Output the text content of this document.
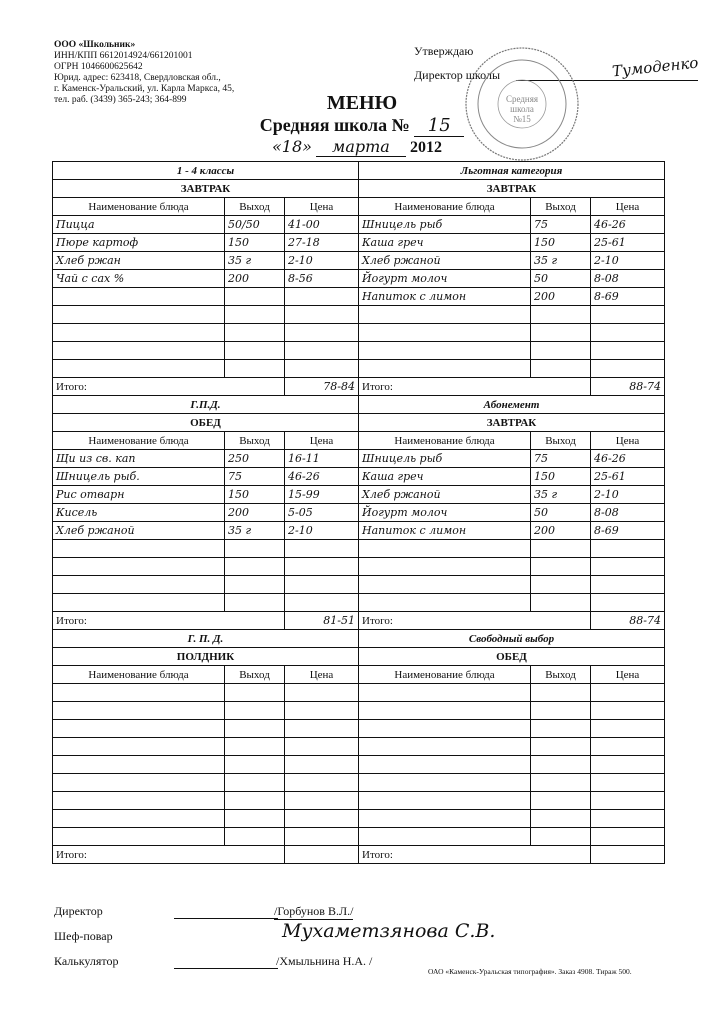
ООО «Школьник»
ИНН/КПП 6612014924/661201001
ОГРН 1046600625642
Юрид. адрес: 623418, Свердловская обл.,
г. Каменск-Уральский, ул. Карла Маркса, 45,
тел. раб. (3439) 365-243; 364-899
Утверждаю
Директор школы	Тумоденко
Средняя
школа
№15
МЕНЮ
Средняя школа № 15
«18» марта 2012
1 - 4 классы			Льготная категория		
ЗАВТРАК			ЗАВТРАК		
Наименование блюда	Выход	Цена	Наименование блюда	Выход	Цена
Пицца	50/50	41-00	Шницель рыб	75	46-26
Пюре картоф	150	27-18	Каша греч	150	25-61
Хлеб ржан	35 г	2-10	Хлеб ржаной	35 г	2-10
Чай с сах %	200	8-56	Йогурт молоч	50	8-08
			Напиток с лимон	200	8-69

Итого:		78-84	Итого:		88-74
Г.П.Д.			Абонемент		
ОБЕД			ЗАВТРАК		
Наименование блюда	Выход	Цена	Наименование блюда	Выход	Цена
Щи из св. кап	250	16-11	Шницель рыб	75	46-26
Шницель рыб.	75	46-26	Каша греч	150	25-61
Рис отварн	150	15-99	Хлеб ржаной	35 г	2-10
Кисель	200	5-05	Йогурт молоч	50	8-08
Хлеб ржаной	35 г	2-10	Напиток с лимон	200	8-69

Итого:		81-51	Итого:		88-74
Г. П. Д.			Свободный выбор		
ПОЛДНИК			ОБЕД		
Наименование блюда	Выход	Цена	Наименование блюда	Выход	Цена

Итого:			Итого:		
Директор	/Горбунов В.Л./
Шеф-повар	Мухаметзянова С.В.
Калькулятор	/Хмыльнина Н.А. /
ОАО «Каменск-Уральская типография». Заказ 4908. Тираж 500.
